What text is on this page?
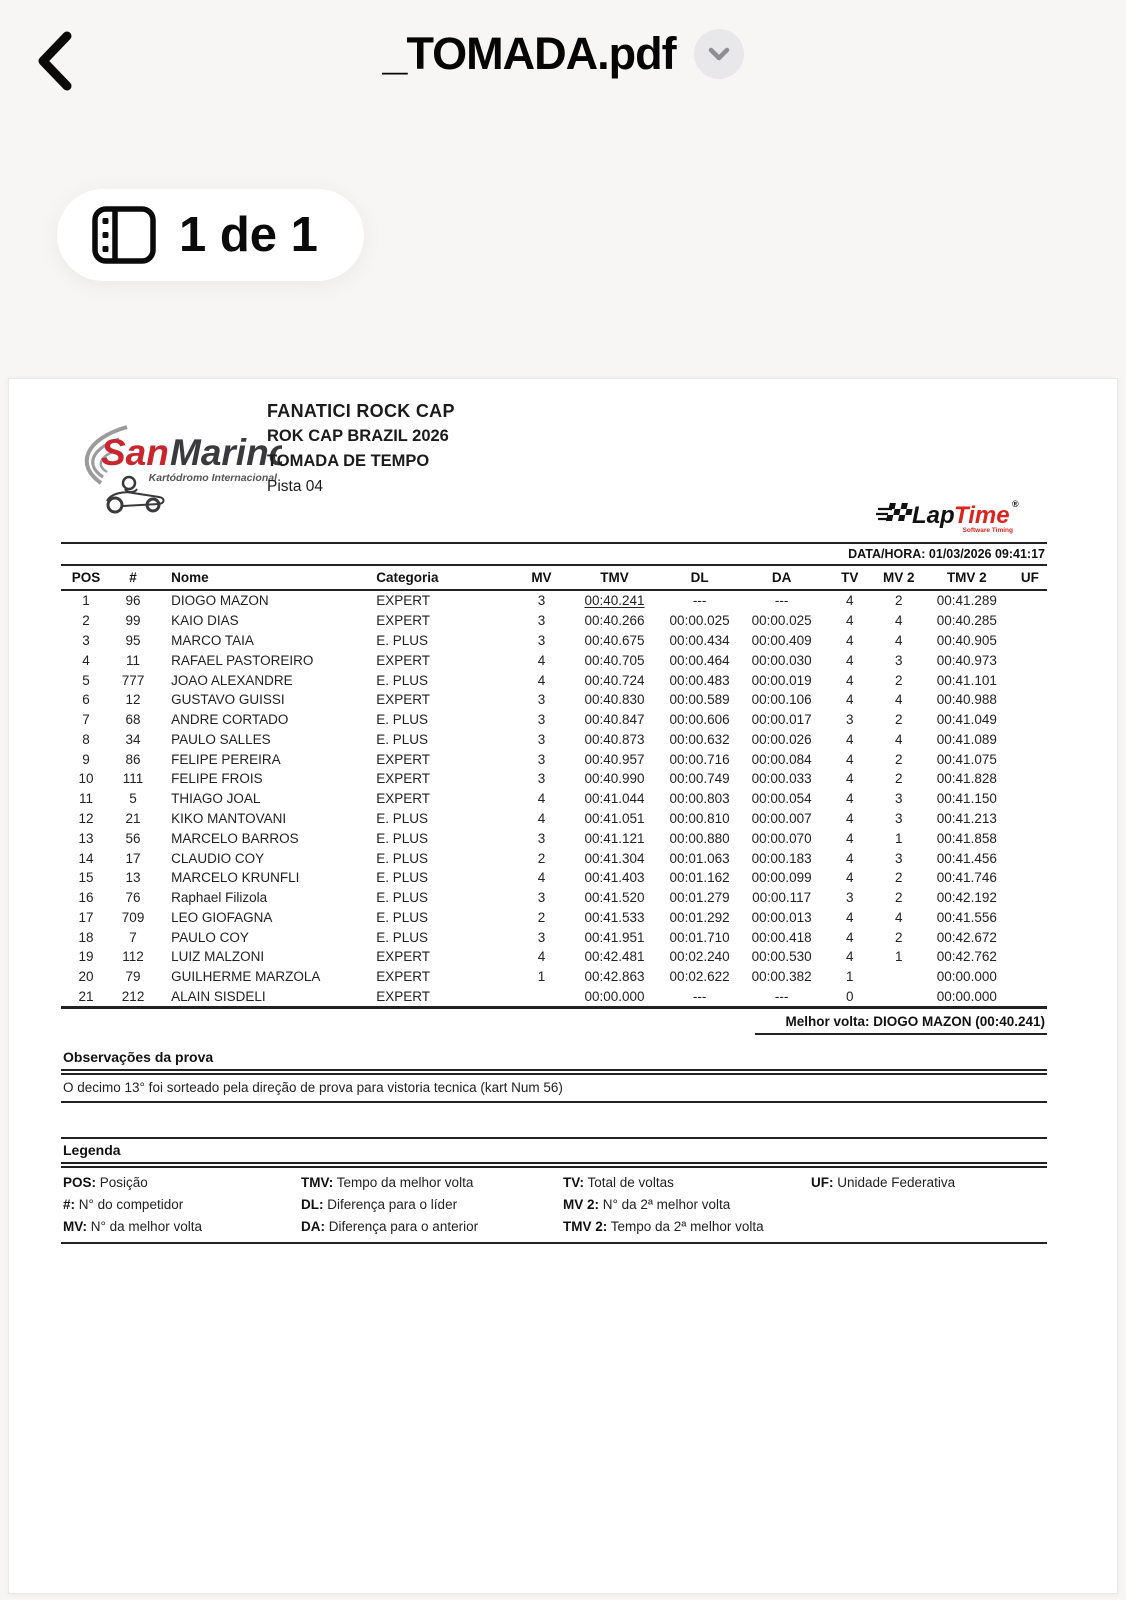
_TOMADA.pdf
1 de 1
San Marino
Kartódromo Internacional
FANATICI ROCK CAP
ROK CAP BRAZIL 2026
TOMADA DE TEMPO
Pista 04
Lap Time ®
Software Timing
DATA/HORA: 01/03/2026 09:41:17
POS	#	Nome	Categoria	MV	TMV	DL	DA	TV	MV 2	TMV 2	UF
1	96	DIOGO MAZON	EXPERT	3	00:40.241	---	---	4	2	00:41.289	
2	99	KAIO DIAS	EXPERT	3	00:40.266	00:00.025	00:00.025	4	4	00:40.285	
3	95	MARCO TAIA	E. PLUS	3	00:40.675	00:00.434	00:00.409	4	4	00:40.905	
4	11	RAFAEL PASTOREIRO	EXPERT	4	00:40.705	00:00.464	00:00.030	4	3	00:40.973	
5	777	JOAO ALEXANDRE	E. PLUS	4	00:40.724	00:00.483	00:00.019	4	2	00:41.101	
6	12	GUSTAVO GUISSI	EXPERT	3	00:40.830	00:00.589	00:00.106	4	4	00:40.988	
7	68	ANDRE CORTADO	E. PLUS	3	00:40.847	00:00.606	00:00.017	3	2	00:41.049	
8	34	PAULO SALLES	E. PLUS	3	00:40.873	00:00.632	00:00.026	4	4	00:41.089	
9	86	FELIPE PEREIRA	EXPERT	3	00:40.957	00:00.716	00:00.084	4	2	00:41.075	
10	111	FELIPE FROIS	EXPERT	3	00:40.990	00:00.749	00:00.033	4	2	00:41.828	
11	5	THIAGO JOAL	EXPERT	4	00:41.044	00:00.803	00:00.054	4	3	00:41.150	
12	21	KIKO MANTOVANI	E. PLUS	4	00:41.051	00:00.810	00:00.007	4	3	00:41.213	
13	56	MARCELO BARROS	E. PLUS	3	00:41.121	00:00.880	00:00.070	4	1	00:41.858	
14	17	CLAUDIO COY	E. PLUS	2	00:41.304	00:01.063	00:00.183	4	3	00:41.456	
15	13	MARCELO KRUNFLI	E. PLUS	4	00:41.403	00:01.162	00:00.099	4	2	00:41.746	
16	76	Raphael Filizola	E. PLUS	3	00:41.520	00:01.279	00:00.117	3	2	00:42.192	
17	709	LEO GIOFAGNA	E. PLUS	2	00:41.533	00:01.292	00:00.013	4	4	00:41.556	
18	7	PAULO COY	E. PLUS	3	00:41.951	00:01.710	00:00.418	4	2	00:42.672	
19	112	LUIZ MALZONI	EXPERT	4	00:42.481	00:02.240	00:00.530	4	1	00:42.762	
20	79	GUILHERME MARZOLA	EXPERT	1	00:42.863	00:02.622	00:00.382	1		00:00.000	
21	212	ALAIN SISDELI	EXPERT		00:00.000	---	---	0		00:00.000	
Melhor volta: DIOGO MAZON (00:40.241)
Observações da prova
O decimo 13° foi sorteado pela direção de prova para vistoria tecnica (kart Num 56)
Legenda
POS: Posição	TMV: Tempo da melhor volta	TV: Total de voltas	UF: Unidade Federativa
#: N° do competidor	DL: Diferença para o líder	MV 2: N° da 2ª melhor volta
MV: N° da melhor volta	DA: Diferença para o anterior	TMV 2: Tempo da 2ª melhor volta
